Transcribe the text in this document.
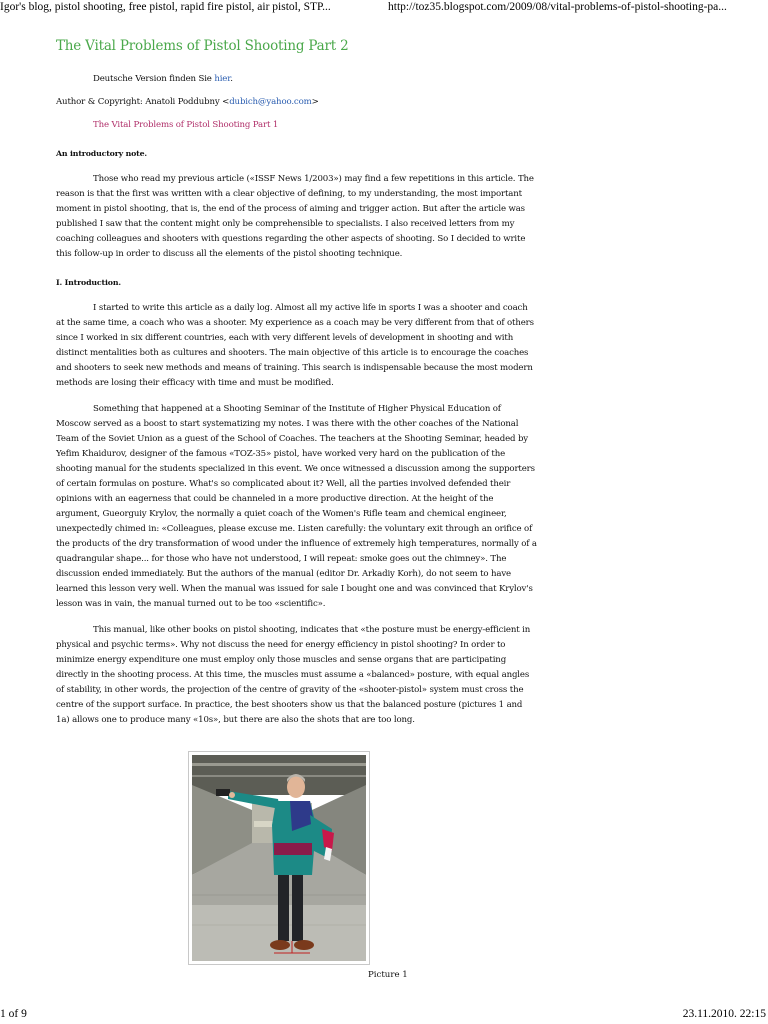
Igor's blog, pistol shooting, free pistol, rapid fire pistol, air pistol, STP...	http://toz35.blogspot.com/2009/08/vital-problems-of-pistol-shooting-pa...
The Vital Problems of Pistol Shooting Part 2
Deutsche Version finden Sie hier.
Author & Copyright: Anatoli Poddubny <dubich@yahoo.com>
The Vital Problems of Pistol Shooting Part 1
An introductory note.

Those who read my previous article («ISSF News 1/2003») may find a few repetitions in this article. The reason is that the first was written with a clear objective of defining, to my understanding, the most important moment in pistol shooting, that is, the end of the process of aiming and trigger action. But after the article was published I saw that the content might only be comprehensible to specialists. I also received letters from my coaching colleagues and shooters with questions regarding the other aspects of shooting. So I decided to write this follow-up in order to discuss all the elements of the pistol shooting technique.

I. Introduction.

I started to write this article as a daily log. Almost all my active life in sports I was a shooter and coach at the same time, a coach who was a shooter. My experience as a coach may be very different from that of others since I worked in six different countries, each with very different levels of development in shooting and with distinct mentalities both as cultures and shooters. The main objective of this article is to encourage the coaches and shooters to seek new methods and means of training. This search is indispensable because the most modern methods are losing their efficacy with time and must be modified.

Something that happened at a Shooting Seminar of the Institute of Higher Physical Education of Moscow served as a boost to start systematizing my notes. I was there with the other coaches of the National Team of the Soviet Union as a guest of the School of Coaches. The teachers at the Shooting Seminar, headed by Yefim Khaidurov, designer of the famous «TOZ-35» pistol, have worked very hard on the publication of the shooting manual for the students specialized in this event. We once witnessed a discussion among the supporters of certain formulas on posture. What's so complicated about it? Well, all the parties involved defended their opinions with an eagerness that could be channeled in a more productive direction. At the height of the argument, Gueorguiy Krylov, the normally a quiet coach of the Women's Rifle team and chemical engineer, unexpectedly chimed in: «Colleagues, please excuse me. Listen carefully: the voluntary exit through an orifice of the products of the dry transformation of wood under the influence of extremely high temperatures, normally of a quadrangular shape... for those who have not understood, I will repeat: smoke goes out the chimney». The discussion ended immediately. But the authors of the manual (editor Dr. Arkadiy Korh), do not seem to have learned this lesson very well. When the manual was issued for sale I bought one and was convinced that Krylov's lesson was in vain, the manual turned out to be too «scientific».

This manual, like other books on pistol shooting, indicates that «the posture must be energy-efficient in physical and psychic terms». Why not discuss the need for energy efficiency in pistol shooting? In order to minimize energy expenditure one must employ only those muscles and sense organs that are participating directly in the shooting process. At this time, the muscles must assume a «balanced» posture, with equal angles of stability, in other words, the projection of the centre of gravity of the «shooter-pistol» system must cross the centre of the support surface. In practice, the best shooters show us that the balanced posture (pictures 1 and 1a) allows one to produce many «10s», but there are also the shots that are too long.

Picture 1
1 of 9	23.11.2010. 22:15
